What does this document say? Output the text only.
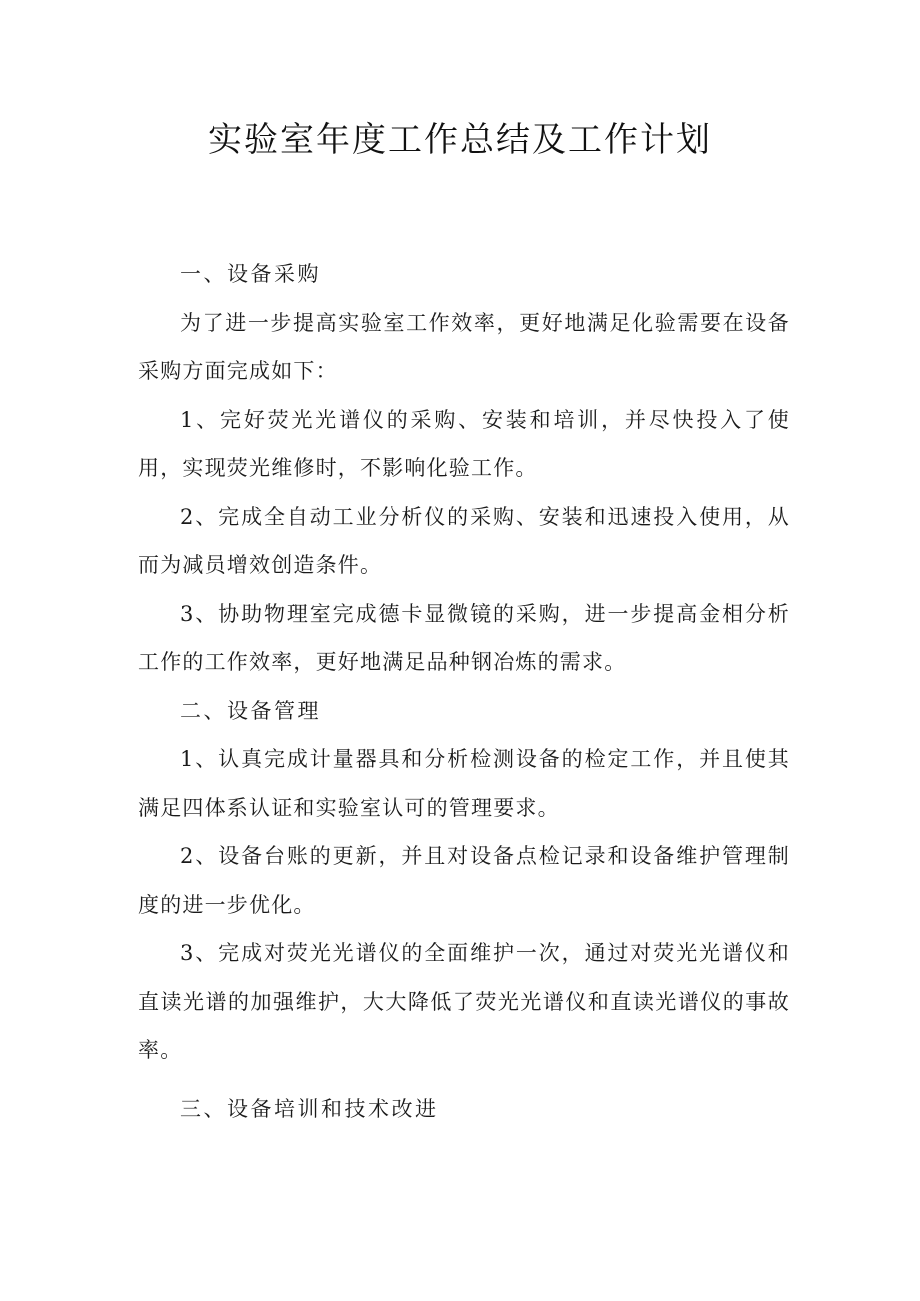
实验室年度工作总结及工作计划

一、设备采购

为了进一步提高实验室工作效率，更好地满足化验需要在设备采购方面完成如下：

1、完好荧光光谱仪的采购、安装和培训，并尽快投入了使用，实现荧光维修时，不影响化验工作。

2、完成全自动工业分析仪的采购、安装和迅速投入使用，从而为减员增效创造条件。

3、协助物理室完成德卡显微镜的采购，进一步提高金相分析工作的工作效率，更好地满足品种钢冶炼的需求。

二、设备管理

1、认真完成计量器具和分析检测设备的检定工作，并且使其满足四体系认证和实验室认可的管理要求。

2、设备台账的更新，并且对设备点检记录和设备维护管理制度的进一步优化。

3、完成对荧光光谱仪的全面维护一次，通过对荧光光谱仪和直读光谱的加强维护，大大降低了荧光光谱仪和直读光谱仪的事故率。

三、设备培训和技术改进
